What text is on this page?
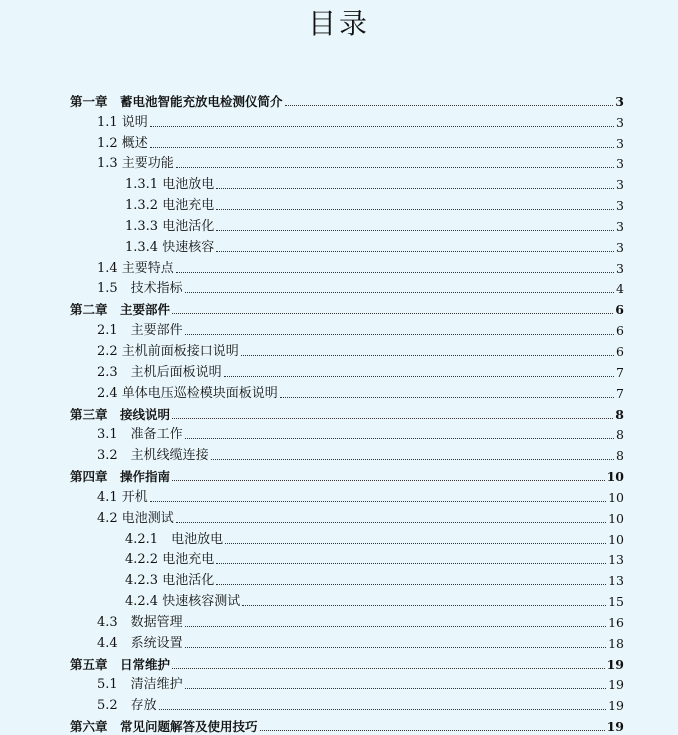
目录
第一章　蓄电池智能充放电检测仪简介	3
1.1 说明	3
1.2 概述	3
1.3 主要功能	3
1.3.1 电池放电	3
1.3.2 电池充电	3
1.3.3 电池活化	3
1.3.4 快速核容	3
1.4 主要特点	3
1.5　技术指标	4
第二章　主要部件	6
2.1　主要部件	6
2.2 主机前面板接口说明	6
2.3　主机后面板说明	7
2.4 单体电压巡检模块面板说明	7
第三章　接线说明	8
3.1　准备工作	8
3.2　主机线缆连接	8
第四章　操作指南	10
4.1 开机	10
4.2 电池测试	10
4.2.1　电池放电	10
4.2.2 电池充电	13
4.2.3 电池活化	13
4.2.4 快速核容测试	15
4.3　数据管理	16
4.4　系统设置	18
第五章　日常维护	19
5.1　清洁维护	19
5.2　存放	19
第六章　常见问题解答及使用技巧	19
